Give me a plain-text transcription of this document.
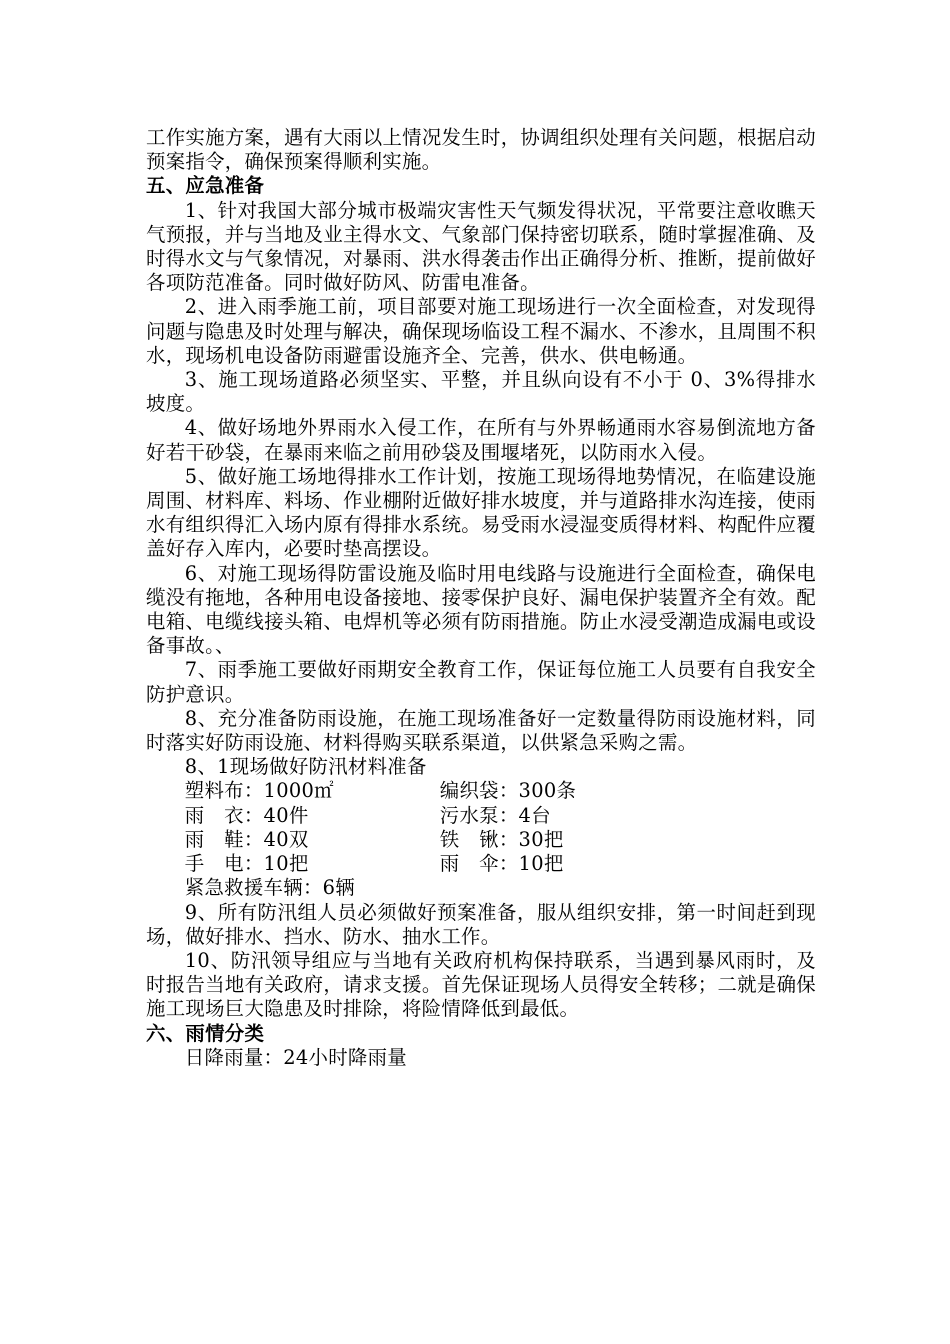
工作实施方案，遇有大雨以上情况发生时，协调组织处理有关问题，根据启动预案指令，确保预案得顺利实施。

五、应急准备

1、针对我国大部分城市极端灾害性天气频发得状况，平常要注意收瞧天气预报，并与当地及业主得水文、气象部门保持密切联系，随时掌握准确、及时得水文与气象情况，对暴雨、洪水得袭击作出正确得分析、推断，提前做好各项防范准备。同时做好防风、防雷电准备。

2、进入雨季施工前，项目部要对施工现场进行一次全面检查，对发现得问题与隐患及时处理与解决，确保现场临设工程不漏水、不渗水，且周围不积水，现场机电设备防雨避雷设施齐全、完善，供水、供电畅通。

3、施工现场道路必须坚实、平整，并且纵向设有不小于 0、3%得排水坡度。

4、做好场地外界雨水入侵工作，在所有与外界畅通雨水容易倒流地方备好若干砂袋，在暴雨来临之前用砂袋及围堰堵死，以防雨水入侵。

5、做好施工场地得排水工作计划，按施工现场得地势情况，在临建设施周围、材料库、料场、作业棚附近做好排水坡度，并与道路排水沟连接，使雨水有组织得汇入场内原有得排水系统。易受雨水浸湿变质得材料、构配件应覆盖好存入库内，必要时垫高摆设。

6、对施工现场得防雷设施及临时用电线路与设施进行全面检查，确保电缆没有拖地，各种用电设备接地、接零保护良好、漏电保护装置齐全有效。配电箱、电缆线接头箱、电焊机等必须有防雨措施。防止水浸受潮造成漏电或设备事故。、

7、雨季施工要做好雨期安全教育工作，保证每位施工人员要有自我安全防护意识。

8、充分准备防雨设施，在施工现场准备好一定数量得防雨设施材料，同时落实好防雨设施、材料得购买联系渠道，以供紧急采购之需。

8、1现场做好防汛材料准备

塑料布：1000㎡	编织袋：300条
雨　衣：40件	污水泵：4台
雨　鞋：40双	铁　锹：30把
手　电：10把	雨　伞：10把
紧急救援车辆：6辆

9、所有防汛组人员必须做好预案准备，服从组织安排，第一时间赶到现场，做好排水、挡水、防水、抽水工作。

10、防汛领导组应与当地有关政府机构保持联系，当遇到暴风雨时，及时报告当地有关政府，请求支援。首先保证现场人员得安全转移；二就是确保施工现场巨大隐患及时排除，将险情降低到最低。

六、雨情分类

日降雨量：24小时降雨量
